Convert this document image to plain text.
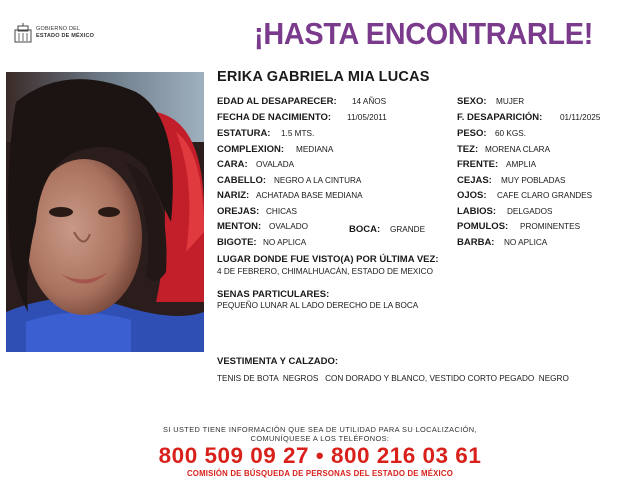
GOBIERNO DEL
ESTADO DE MÉXICO	¡HASTA ENCONTRARLE!
ERIKA GABRIELA MIA LUCAS
EDAD AL DESAPARECER: 14 AÑOS
FECHA DE NACIMIENTO: 11/05/2011
ESTATURA: 1.5 MTS.
COMPLEXION: MEDIANA
CARA: OVALADA
CABELLO: NEGRO A LA CINTURA
NARIZ: ACHATADA BASE MEDIANA
OREJAS: CHICAS
MENTON: OVALADO	BOCA: GRANDE
BIGOTE: NO APLICA
SEXO: MUJER
F. DESAPARICIÓN: 01/11/2025
PESO: 60 KGS.
TEZ: MORENA CLARA
FRENTE: AMPLIA
CEJAS: MUY POBLADAS
OJOS: CAFE CLARO GRANDES
LABIOS: DELGADOS
POMULOS: PROMINENTES
BARBA: NO APLICA
LUGAR DONDE FUE VISTO(A) POR ÚLTIMA VEZ:
4 DE FEBRERO, CHIMALHUACÁN, ESTADO DE MEXICO
SENAS PARTICULARES:
PEQUEÑO LUNAR AL LADO DERECHO DE LA BOCA
VESTIMENTA Y CALZADO:
TENIS DE BOTA  NEGROS   CON DORADO Y BLANCO, VESTIDO CORTO PEGADO  NEGRO
SI USTED TIENE INFORMACIÓN QUE SEA DE UTILIDAD PARA SU LOCALIZACIÓN,
COMUNÍQUESE A LOS TELÉFONOS:
800 509 09 27 • 800 216 03 61
COMISIÓN DE BÚSQUEDA DE PERSONAS DEL ESTADO DE MÉXICO
